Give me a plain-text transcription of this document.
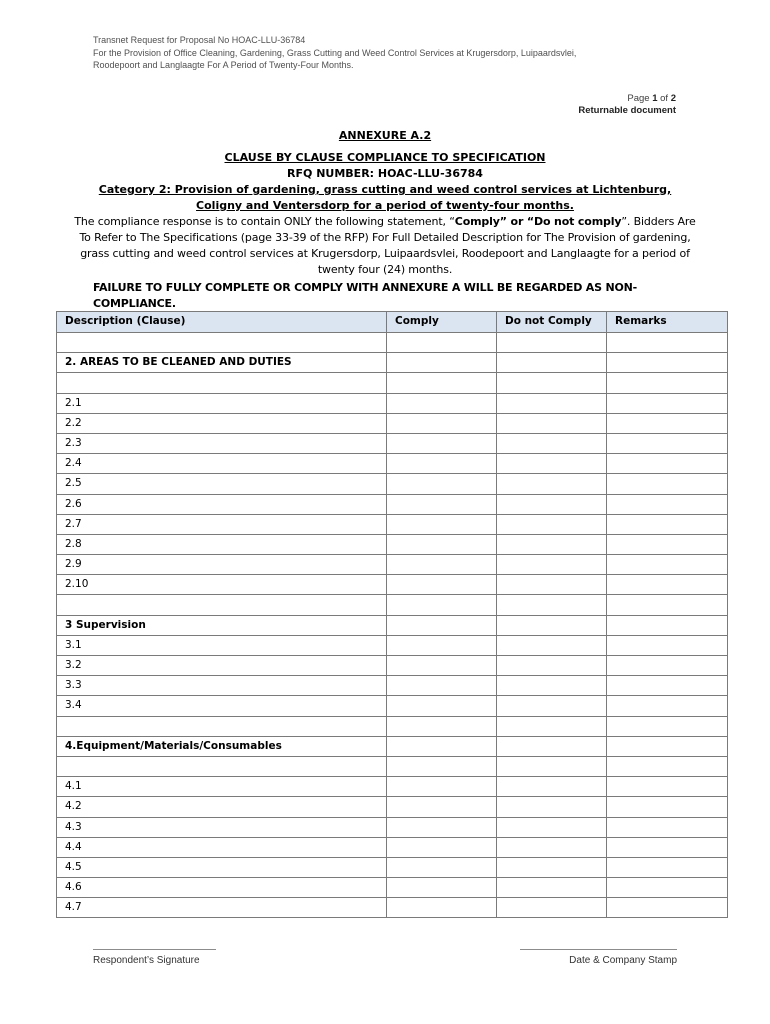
Transnet Request for Proposal No HOAC-LLU-36784
For the Provision of Office Cleaning, Gardening, Grass Cutting and Weed Control Services at Krugersdorp, Luipaardsvlei,
Roodepoort and Langlaagte For A Period of Twenty-Four Months.
Page 1 of 2
Returnable document
ANNEXURE A.2
CLAUSE BY CLAUSE COMPLIANCE TO SPECIFICATION
RFQ NUMBER: HOAC-LLU-36784
Category 2: Provision of gardening, grass cutting and weed control services at Lichtenburg, Coligny and Ventersdorp for a period of twenty-four months.
The compliance response is to contain ONLY the following statement, “Comply” or “Do not comply”. Bidders Are To Refer to The Specifications (page 33-39 of the RFP) For Full Detailed Description for The Provision of gardening, grass cutting and weed control services at Krugersdorp, Luipaardsvlei, Roodepoort and Langlaagte for a period of twenty four (24) months.
FAILURE TO FULLY COMPLETE OR COMPLY WITH ANNEXURE A WILL BE REGARDED AS NON-COMPLIANCE.
Description (Clause)	Comply	Do not Comply	Remarks

2. AREAS TO BE CLEANED AND DUTIES			

2.1			
2.2			
2.3			
2.4			
2.5			
2.6			
2.7			
2.8			
2.9			
2.10			

3 Supervision			
3.1			
3.2			
3.3			
3.4			

4.Equipment/Materials/Consumables			

4.1			
4.2			
4.3			
4.4			
4.5			
4.6			
4.7			
Respondent’s Signature	Date & Company Stamp
